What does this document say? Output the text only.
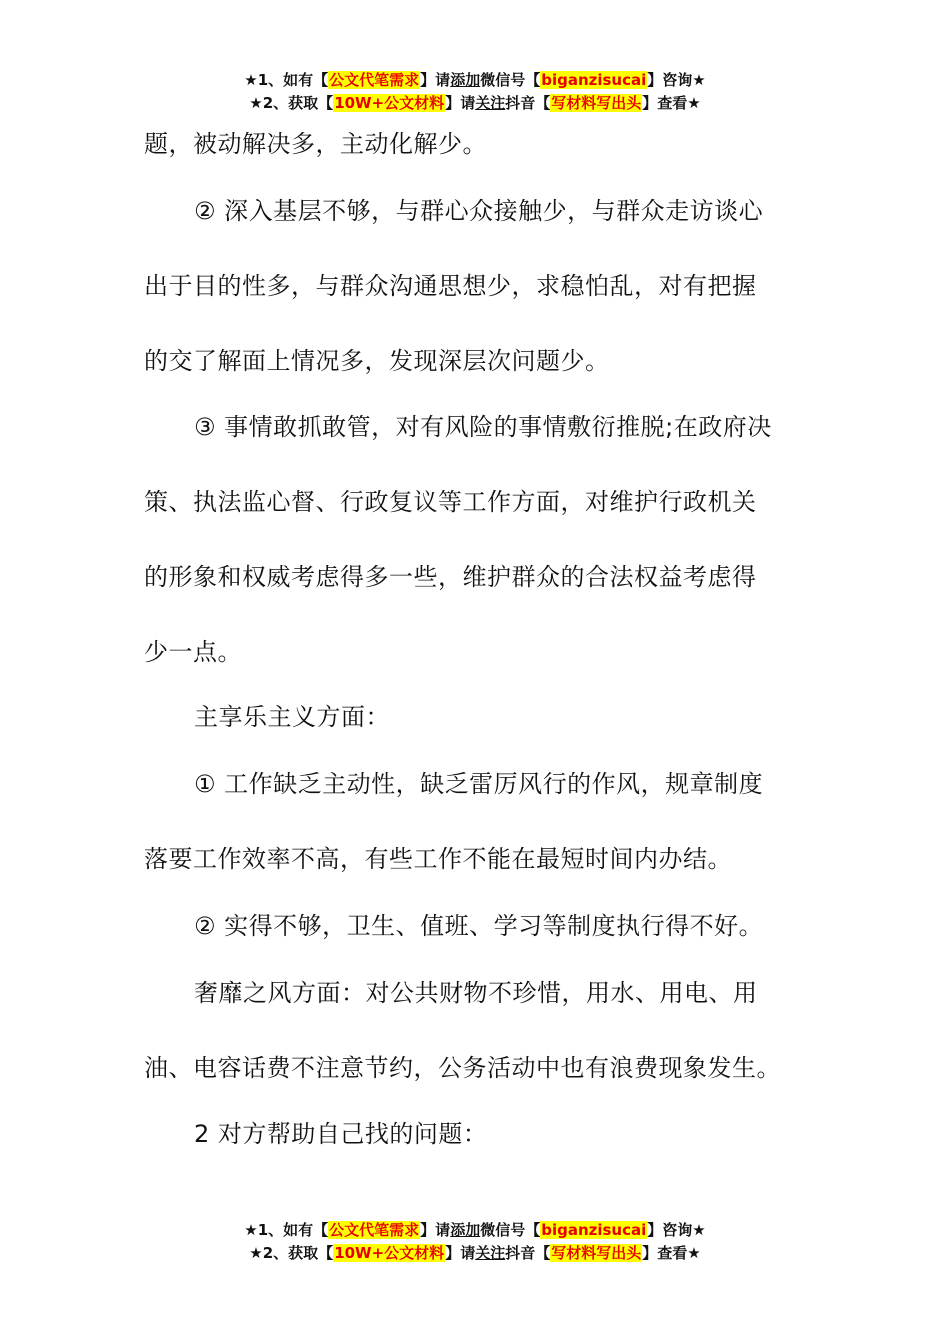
★1、如有【公文代笔需求】请添加微信号【biganzisucai】咨询★
★2、获取【10W+公文材料】请关注抖音【写材料写出头】查看★
题，被动解决多，主动化解少。
② 深入基层不够，与群心众接触少，与群众走访谈心
出于目的性多，与群众沟通思想少，求稳怕乱，对有把握
的交了解面上情况多，发现深层次问题少。
③ 事情敢抓敢管，对有风险的事情敷衍推脱;在政府决
策、执法监心督、行政复议等工作方面，对维护行政机关
的形象和权威考虑得多一些，维护群众的合法权益考虑得
少一点。
主享乐主义方面：
① 工作缺乏主动性，缺乏雷厉风行的作风，规章制度
落要工作效率不高，有些工作不能在最短时间内办结。
② 实得不够，卫生、值班、学习等制度执行得不好。
奢靡之风方面：对公共财物不珍惜，用水、用电、用
油、电容话费不注意节约，公务活动中也有浪费现象发生。
2 对方帮助自己找的问题：
★1、如有【公文代笔需求】请添加微信号【biganzisucai】咨询★
★2、获取【10W+公文材料】请关注抖音【写材料写出头】查看★
